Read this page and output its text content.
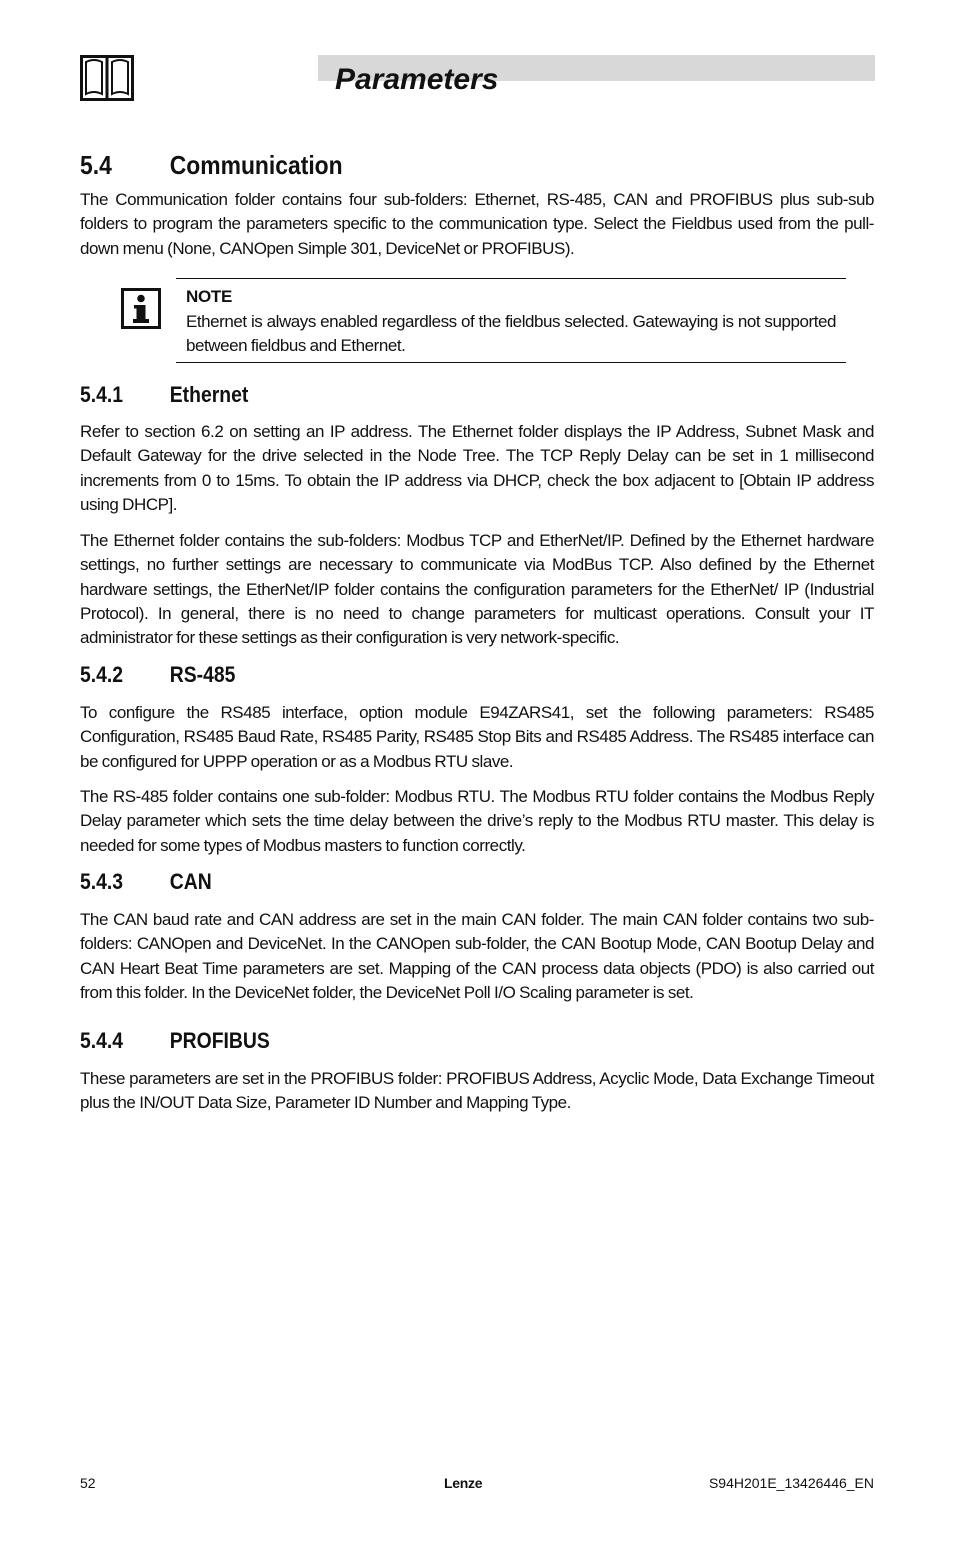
Parameters
5.4 Communication
The Communication folder contains four sub-folders: Ethernet, RS-485, CAN and PROFIBUS plus sub-sub folders to program the parameters specific to the communication type. Select the Fieldbus used from the pull-down menu (None, CANOpen Simple 301, DeviceNet or PROFIBUS).
NOTE
Ethernet is always enabled regardless of the fieldbus selected. Gatewaying is not supported between fieldbus and Ethernet.
5.4.1 Ethernet
Refer to section 6.2 on setting an IP address. The Ethernet folder displays the IP Address, Subnet Mask and Default Gateway for the drive selected in the Node Tree. The TCP Reply Delay can be set in 1 millisecond increments from 0 to 15ms. To obtain the IP address via DHCP, check the box adjacent to [Obtain IP address using DHCP].
The Ethernet folder contains the sub-folders: Modbus TCP and EtherNet/IP. Defined by the Ethernet hardware settings, no further settings are necessary to communicate via ModBus TCP. Also defined by the Ethernet hardware settings, the EtherNet/IP folder contains the configuration parameters for the EtherNet/ IP (Industrial Protocol). In general, there is no need to change parameters for multicast operations. Consult your IT administrator for these settings as their configuration is very network-specific.
5.4.2 RS-485
To configure the RS485 interface, option module E94ZARS41, set the following parameters: RS485 Configuration, RS485 Baud Rate, RS485 Parity, RS485 Stop Bits and RS485 Address. The RS485 interface can be configured for UPPP operation or as a Modbus RTU slave.
The RS-485 folder contains one sub-folder: Modbus RTU. The Modbus RTU folder contains the Modbus Reply Delay parameter which sets the time delay between the drive’s reply to the Modbus RTU master. This delay is needed for some types of Modbus masters to function correctly.
5.4.3 CAN
The CAN baud rate and CAN address are set in the main CAN folder. The main CAN folder contains two sub-folders: CANOpen and DeviceNet. In the CANOpen sub-folder, the CAN Bootup Mode, CAN Bootup Delay and CAN Heart Beat Time parameters are set. Mapping of the CAN process data objects (PDO) is also carried out from this folder. In the DeviceNet folder, the DeviceNet Poll I/O Scaling parameter is set.
5.4.4 PROFIBUS
These parameters are set in the PROFIBUS folder: PROFIBUS Address, Acyclic Mode, Data Exchange Timeout plus the IN/OUT Data Size, Parameter ID Number and Mapping Type.
52	Lenze	S94H201E_13426446_EN
